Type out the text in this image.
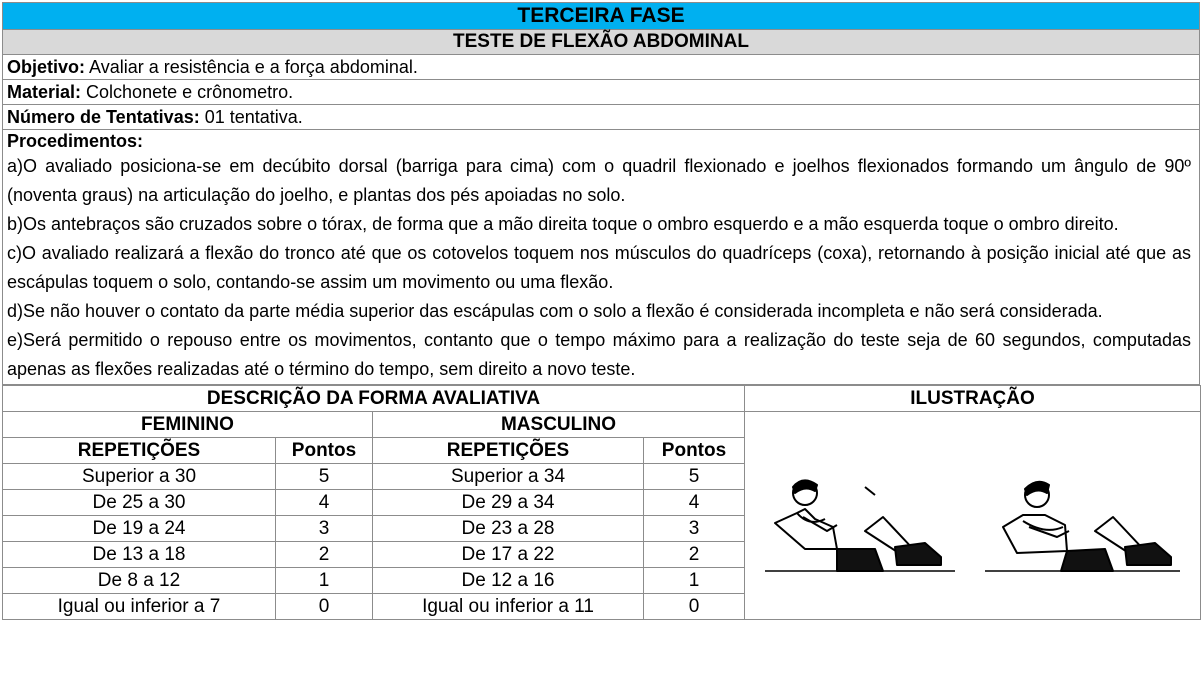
TERCEIRA FASE
TESTE DE FLEXÃO ABDOMINAL
Objetivo: Avaliar a resistência e a força abdominal.
Material: Colchonete e crônometro.
Número de Tentativas: 01 tentativa.

Procedimentos:

a)O avaliado posiciona-se em decúbito dorsal (barriga para cima) com o quadril flexionado e joelhos flexionados formando um ângulo de 90º (noventa graus) na articulação do joelho, e plantas dos pés apoiadas no solo.

b)Os antebraços são cruzados sobre o tórax, de forma que a mão direita toque o ombro esquerdo e a mão esquerda toque o ombro direito.

c)O avaliado realizará a flexão do tronco até que os cotovelos toquem nos músculos do quadríceps (coxa), retornando à posição inicial até que as escápulas toquem o solo, contando-se assim um movimento ou uma flexão.

d)Se não houver o contato da parte média superior das escápulas com o solo a flexão é considerada incompleta e não será considerada.

e)Será permitido o repouso entre os movimentos, contanto que o tempo máximo para a realização do teste seja de 60 segundos, computadas apenas as flexões realizadas até o término do tempo, sem direito a novo teste.

DESCRIÇÃO DA FORMA AVALIATIVA				ILUSTRAÇÃO
FEMININO		MASCULINO	

REPETIÇÕES	Pontos	REPETIÇÕES	Pontos	
Superior a 30	5	Superior a 34	5	
De 25 a 30	4	De 29 a 34	4	
De 19 a 24	3	De 23 a 28	3	
De 13 a 18	2	De 17 a 22	2	
De 8 a 12	1	De 12 a 16	1	
Igual ou inferior a 7	0	Igual ou inferior a 11	0	
